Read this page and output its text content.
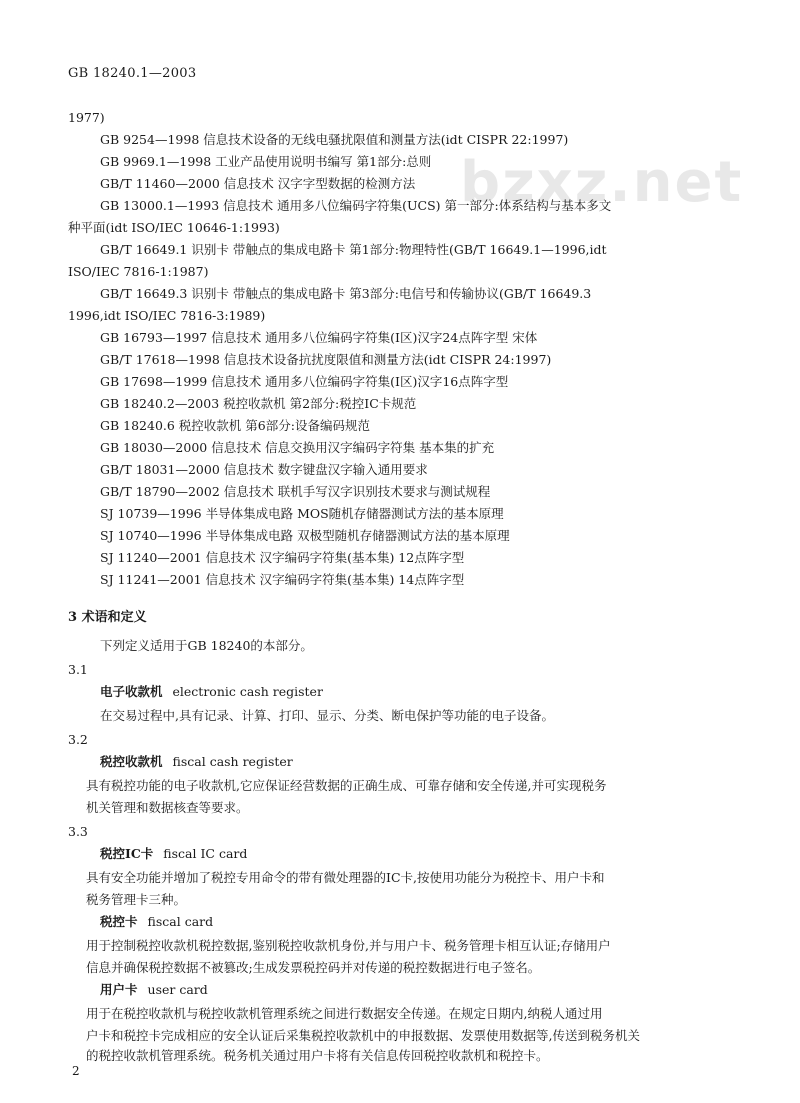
GB 18240.1—2003
bzxz.net
1977)
GB 9254—1998 信息技术设备的无线电骚扰限值和测量方法(idt CISPR 22:1997)
GB 9969.1—1998 工业产品使用说明书编写 第1部分:总则
GB/T 11460—2000 信息技术 汉字字型数据的检测方法
GB 13000.1—1993 信息技术 通用多八位编码字符集(UCS) 第一部分:体系结构与基本多文
种平面(idt ISO/IEC 10646-1:1993)
GB/T 16649.1 识别卡 带触点的集成电路卡 第1部分:物理特性(GB/T 16649.1—1996,idt
ISO/IEC 7816-1:1987)
GB/T 16649.3 识别卡 带触点的集成电路卡 第3部分:电信号和传输协议(GB/T 16649.3
1996,idt ISO/IEC 7816-3:1989)
GB 16793—1997 信息技术 通用多八位编码字符集(I区)汉字24点阵字型 宋体
GB/T 17618—1998 信息技术设备抗扰度限值和测量方法(idt CISPR 24:1997)
GB 17698—1999 信息技术 通用多八位编码字符集(I区)汉字16点阵字型
GB 18240.2—2003 税控收款机 第2部分:税控IC卡规范
GB 18240.6 税控收款机 第6部分:设备编码规范
GB 18030—2000 信息技术 信息交换用汉字编码字符集 基本集的扩充
GB/T 18031—2000 信息技术 数字键盘汉字输入通用要求
GB/T 18790—2002 信息技术 联机手写汉字识别技术要求与测试规程
SJ 10739—1996 半导体集成电路 MOS随机存储器测试方法的基本原理
SJ 10740—1996 半导体集成电路 双极型随机存储器测试方法的基本原理
SJ 11240—2001 信息技术 汉字编码字符集(基本集) 12点阵字型
SJ 11241—2001 信息技术 汉字编码字符集(基本集) 14点阵字型
3 术语和定义
下列定义适用于GB 18240的本部分。
3.1
电子收款机 electronic cash register
在交易过程中,具有记录、计算、打印、显示、分类、断电保护等功能的电子设备。
3.2
税控收款机 fiscal cash register
具有税控功能的电子收款机,它应保证经营数据的正确生成、可靠存储和安全传递,并可实现税务
机关管理和数据核查等要求。
3.3
税控IC卡 fiscal IC card
具有安全功能并增加了税控专用命令的带有微处理器的IC卡,按使用功能分为税控卡、用户卡和
税务管理卡三种。
税控卡 fiscal card
用于控制税控收款机税控数据,鉴别税控收款机身份,并与用户卡、税务管理卡相互认证;存储用户
信息并确保税控数据不被篡改;生成发票税控码并对传递的税控数据进行电子签名。
用户卡 user card
用于在税控收款机与税控收款机管理系统之间进行数据安全传递。在规定日期内,纳税人通过用
户卡和税控卡完成相应的安全认证后采集税控收款机中的申报数据、发票使用数据等,传送到税务机关
的税控收款机管理系统。税务机关通过用户卡将有关信息传回税控收款机和税控卡。
2
